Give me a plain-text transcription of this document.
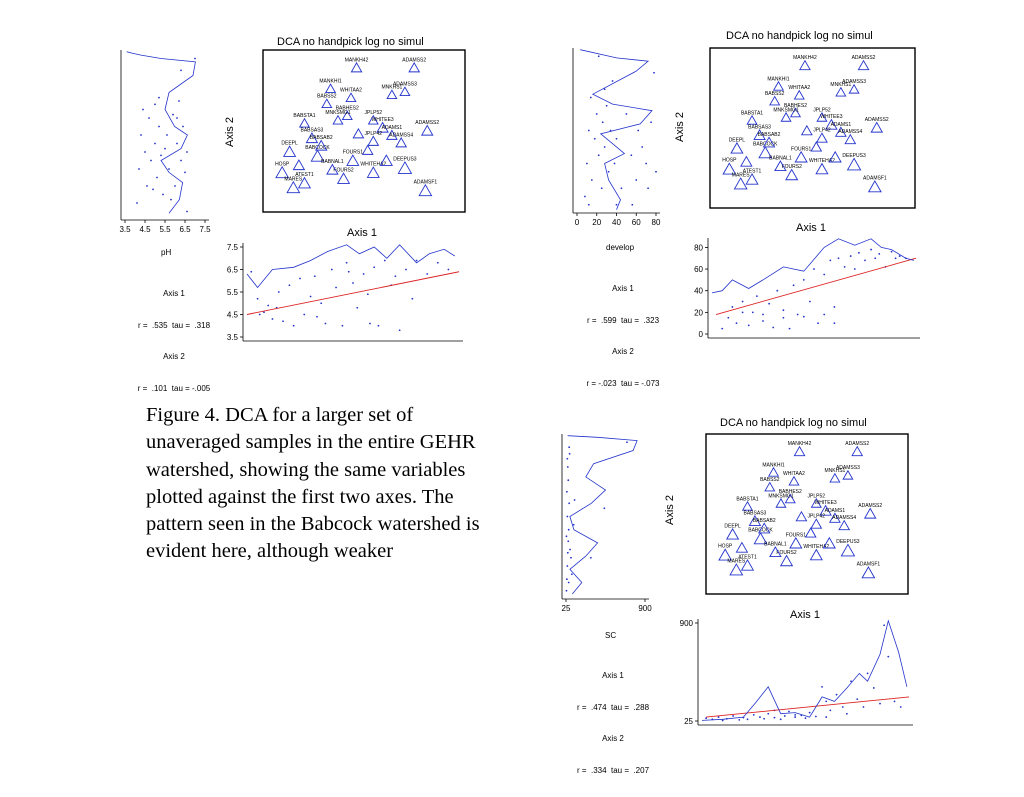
DCA no handpick log no simul
Axis 2
Axis 1
pH

Axis 1

r =  .535  tau =  .318

Axis 2

r =  .101  tau = -.005

MANKH42	ADAMSS2
MANKHI1
WHITAA2	MNKHS1
ADAMSS3
BABSS2
BABHES2
MNKSMG1	JPLP52
BABSTA1
WHITEE3	ADAMSS2
ADAMS1
BABSAS3
ADAMSS4
JPLP42
DEEPL
FOURS1
BABCOCK
WHITEHA2
DEEPUS3
ADAMSF1
HOSP
MARES
ATEST1
FOURS2
BABSAB2
BABNAL1
3.5 4.5 5.5 6.5 7.5
3.5
4.5
5.5
6.5
7.5
DCA no handpick log no simul
Axis 2
Axis 1
develop

Axis 1

r =  .599  tau =  .323

Axis 2

r = -.023  tau = -.073

MANKH42	ADAMSS2
MANKHI1
WHITAA2	MNKHS1
ADAMSS3
BABSS2
BABHES2
MNKSMG1	JPLP52
BABSTA1
WHITEE3	ADAMSS2
ADAMS1
BABSAS3
ADAMSS4
JPLP42
DEEPL
FOURS1
BABCOCK
WHITEHA2
DEEPUS3
ADAMSF1
HOSP
MARES
ATEST1
FOURS2
BABSAB2
BABNAL1
0 20 40 60 80
0
20
40
60
80
DCA no handpick log no simul
Axis 2
Axis 1
SC

Axis 1

r =  .474  tau =  .288

Axis 2

r =  .334  tau =  .207

MANKH42	ADAMSS2
MANKHI1
WHITAA2	MNKHS1
ADAMSS3
BABSS2
BABHES2
MNKSMG1	JPLP52
BABSTA1
WHITEE3	ADAMSS2
ADAMS1
BABSAS3
ADAMSS4
JPLP42
DEEPL
FOURS1
BABCOCK
WHITEHA2
DEEPUS3
ADAMSF1
HOSP
MARES
ATEST1
FOURS2
BABSAB2
BABNAL1
25	900
25
900
Figure 4. DCA for a larger set of unaveraged samples in the entire GEHR watershed, showing the same variables plotted against the first two axes. The pattern seen in the Babcock watershed is evident here, although weaker
